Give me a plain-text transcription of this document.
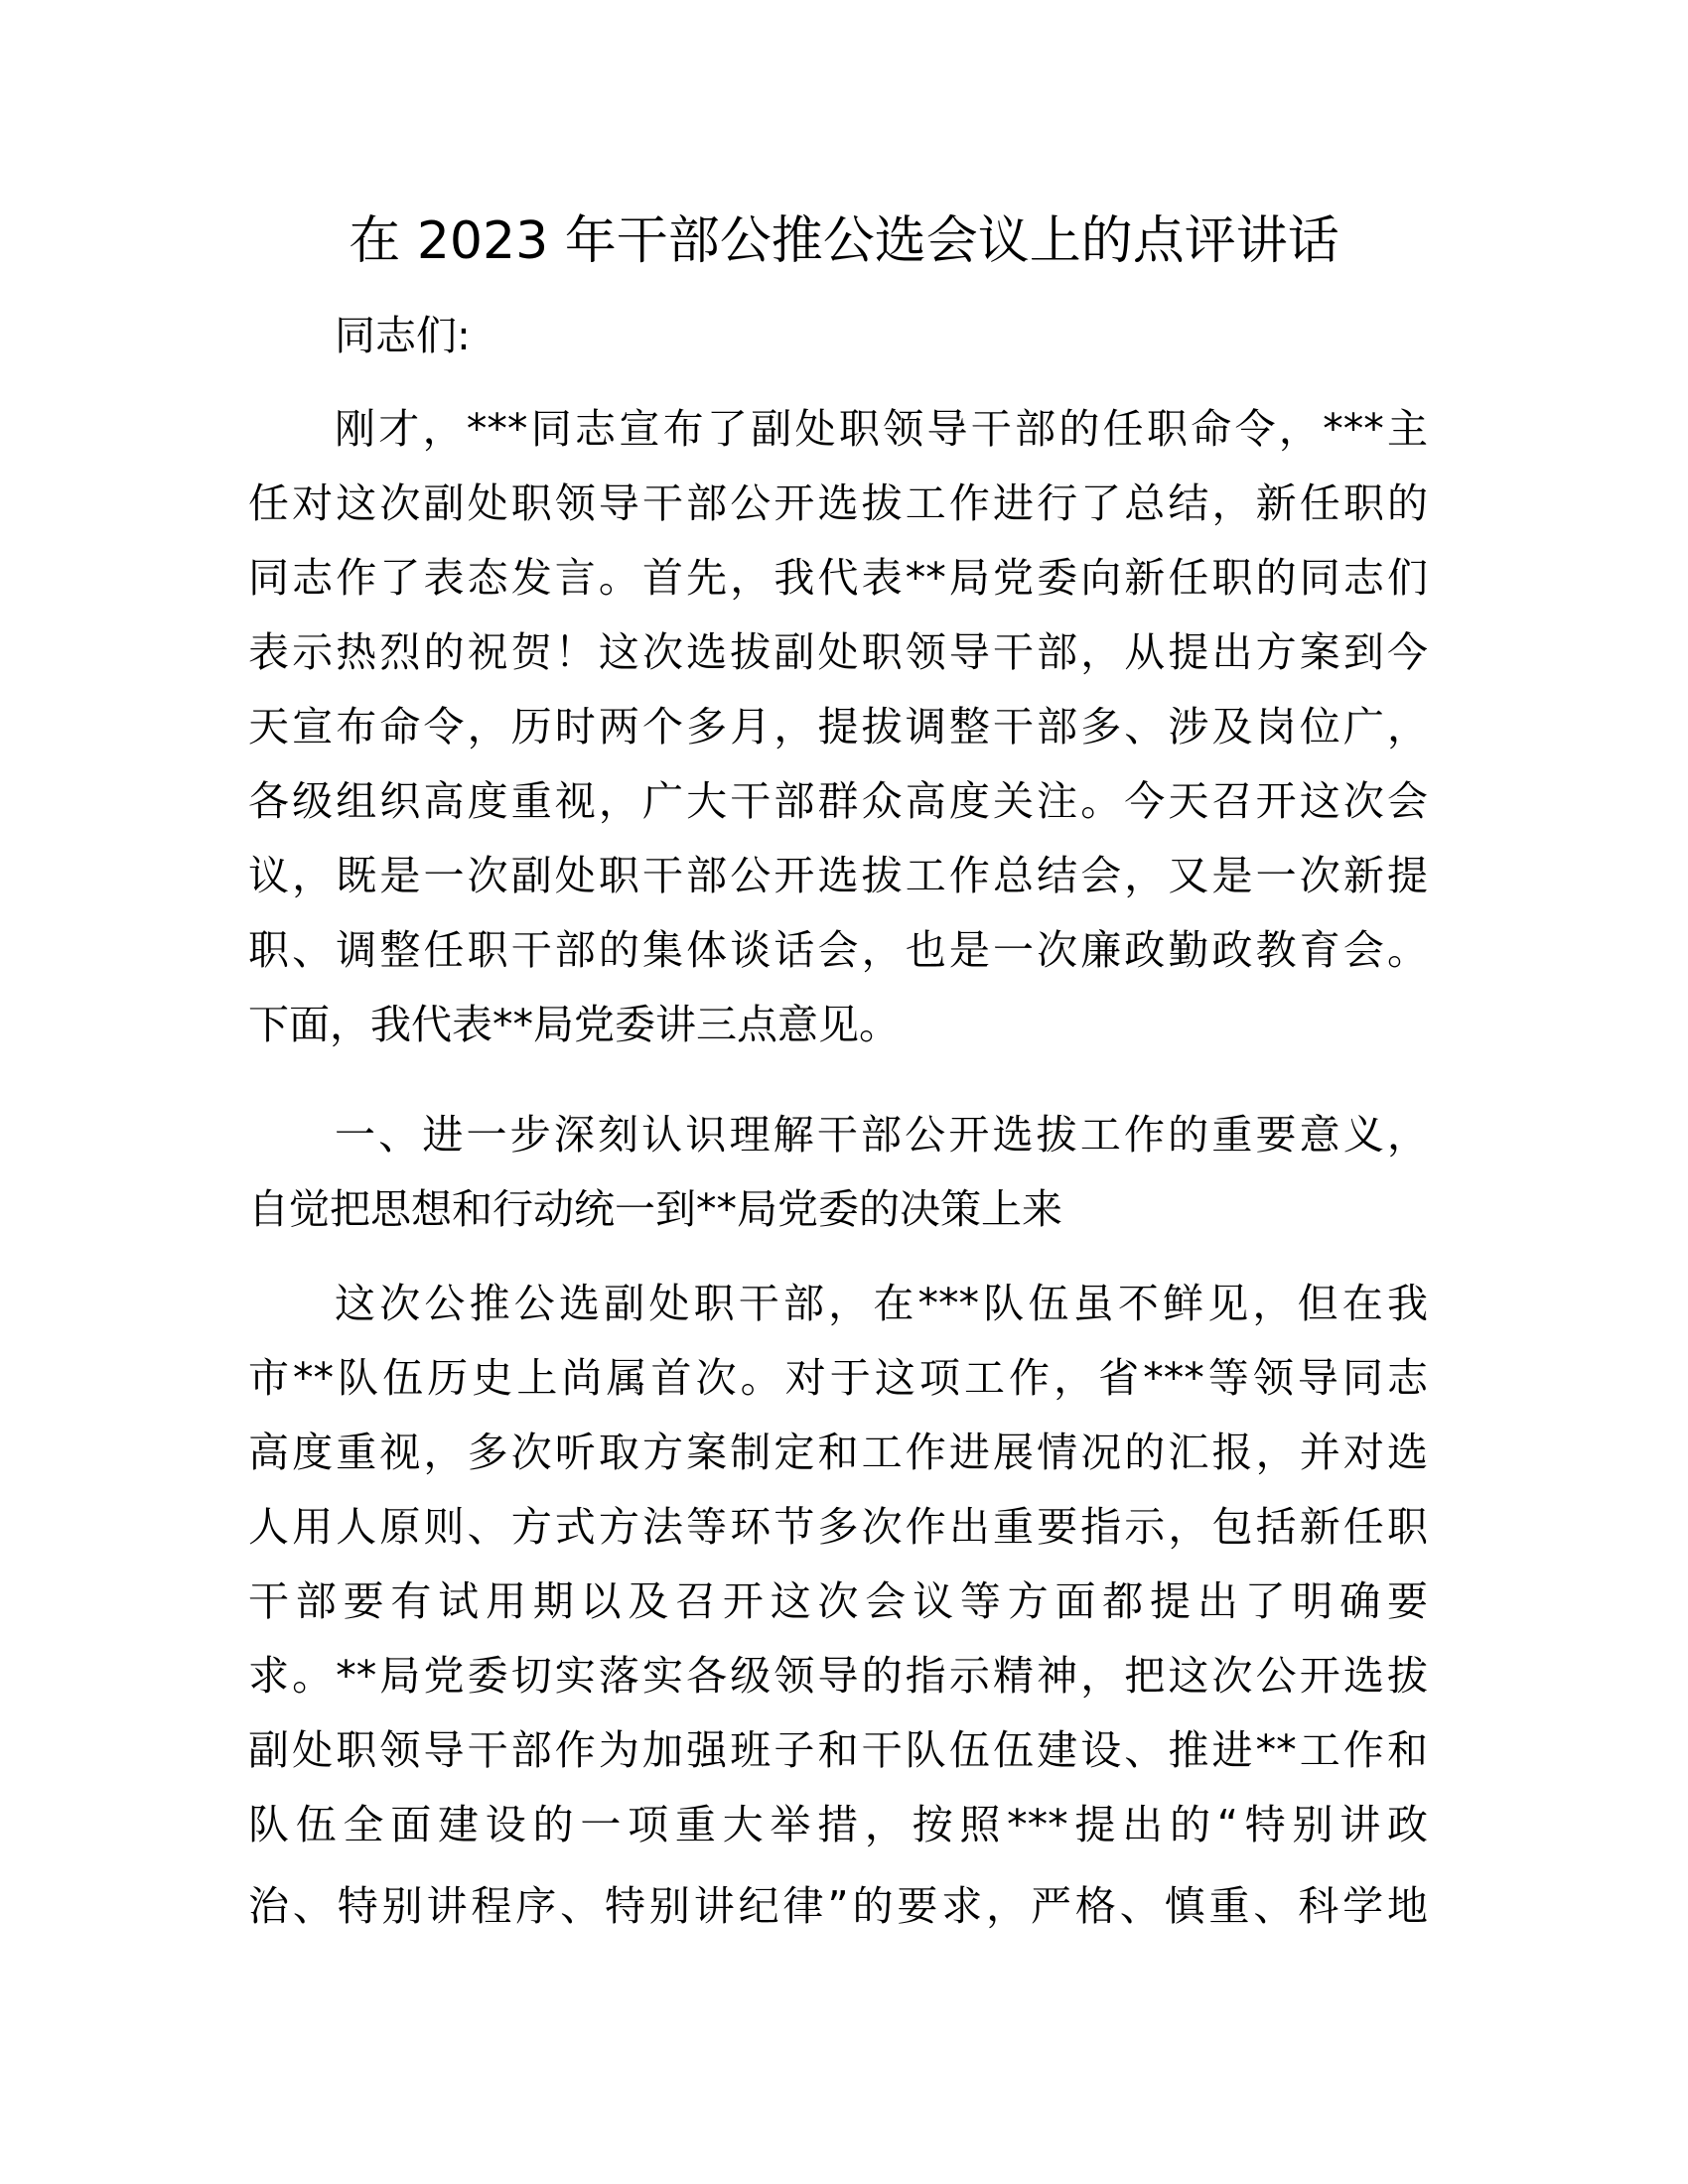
在 2023 年干部公推公选会议上的点评讲话
同志们:
刚才，***同志宣布了副处职领导干部的任职命令，***主
任对这次副处职领导干部公开选拔工作进行了总结，新任职的
同志作了表态发言。首先，我代表**局党委向新任职的同志们
表示热烈的祝贺！这次选拔副处职领导干部，从提出方案到今
天宣布命令，历时两个多月，提拔调整干部多、涉及岗位广，
各级组织高度重视，广大干部群众高度关注。今天召开这次会
议，既是一次副处职干部公开选拔工作总结会，又是一次新提
职、调整任职干部的集体谈话会，也是一次廉政勤政教育会。
下面，我代表**局党委讲三点意见。
一、进一步深刻认识理解干部公开选拔工作的重要意义，
自觉把思想和行动统一到**局党委的决策上来
这次公推公选副处职干部，在***队伍虽不鲜见，但在我
市**队伍历史上尚属首次。对于这项工作，省***等领导同志
高度重视，多次听取方案制定和工作进展情况的汇报，并对选
人用人原则、方式方法等环节多次作出重要指示，包括新任职
干部要有试用期以及召开这次会议等方面都提出了明确要
求。**局党委切实落实各级领导的指示精神，把这次公开选拔
副处职领导干部作为加强班子和干队伍伍建设、推进**工作和
队伍全面建设的一项重大举措，按照***提出的“特别讲政
治、特别讲程序、特别讲纪律”的要求，严格、慎重、科学地
